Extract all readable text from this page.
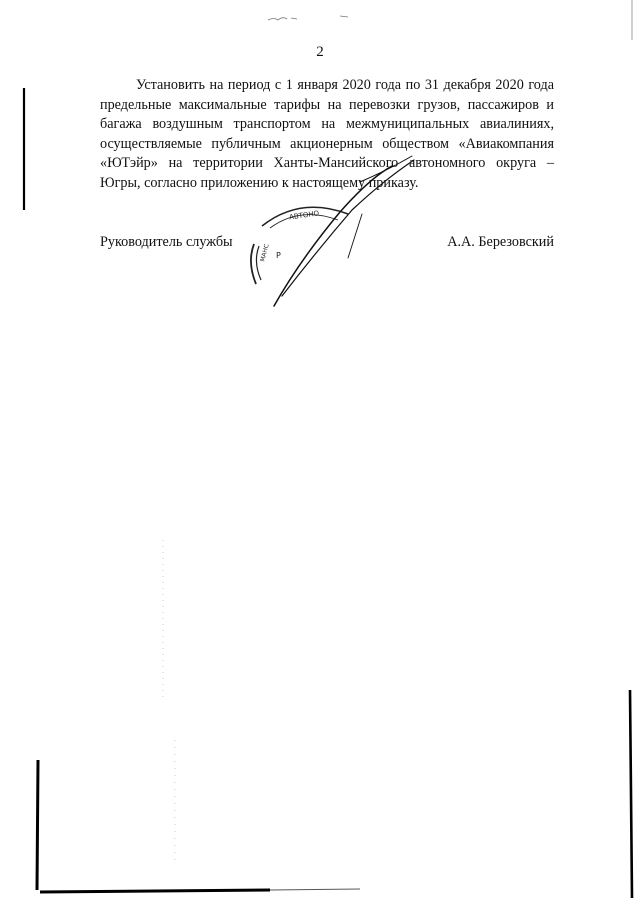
2

Установить на период с 1 января 2020 года по 31 декабря 2020 года предельные максимальные тарифы на перевозки грузов, пассажиров и багажа воздушным транспортом на межмуниципальных авиалиниях, осуществляемые публичным акционерным обществом «Авиакомпания «ЮТэйр» на территории Ханты-Мансийского автономного округа – Югры, согласно приложению к настоящему приказу.

Руководитель службы	А.А. Березовский
АВТОНО
МАНС Р
